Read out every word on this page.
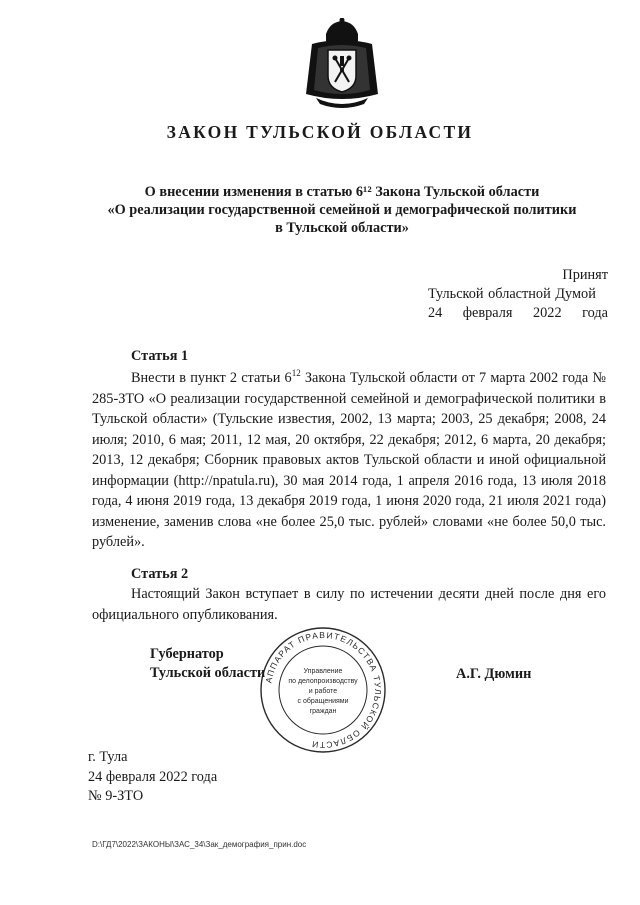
ЗАКОН ТУЛЬСКОЙ ОБЛАСТИ
О внесении изменения в статью 6¹² Закона Тульской области
«О реализации государственной семейной и демографической политики
в Тульской области»
Принят
Тульской областной Думой
24 февраля 2022 года
Статья 1
Внести в пункт 2 статьи $6^{12}$ Закона Тульской области от 7 марта 2002 года № 285-ЗТО «О реализации государственной семейной и демографической политики в Тульской области» (Тульские известия, 2002, 13 марта; 2003, 25 декабря; 2008, 24 июля; 2010, 6 мая; 2011, 12 мая, 20 октября, 22 декабря; 2012, 6 марта, 20 декабря; 2013, 12 декабря; Сборник правовых актов Тульской области и иной официальной информации (http://npatula.ru), 30 мая 2014 года, 1 апреля 2016 года, 13 июля 2018 года, 4 июня 2019 года, 13 декабря 2019 года, 1 июня 2020 года, 21 июля 2021 года) изменение, заменив слова «не более 25,0 тыс. рублей» словами «не более 50,0 тыс. рублей».
Статья 2
Настоящий Закон вступает в силу по истечении десяти дней после дня его официального опубликования.
АППАРАТ ПРАВИТЕЛЬСТВА ТУЛЬСКОЙ ОБЛАСТИ
Управление
по делопроизводству
и работе
с обращениями
граждан
Губернатор
Тульской области	А.Г. Дюмин
г. Тула
24 февраля 2022 года
№ 9-ЗТО
D:\ГД7\2022\ЗАКОНЫ\ЗАС_34\Зак_демография_прин.doc
